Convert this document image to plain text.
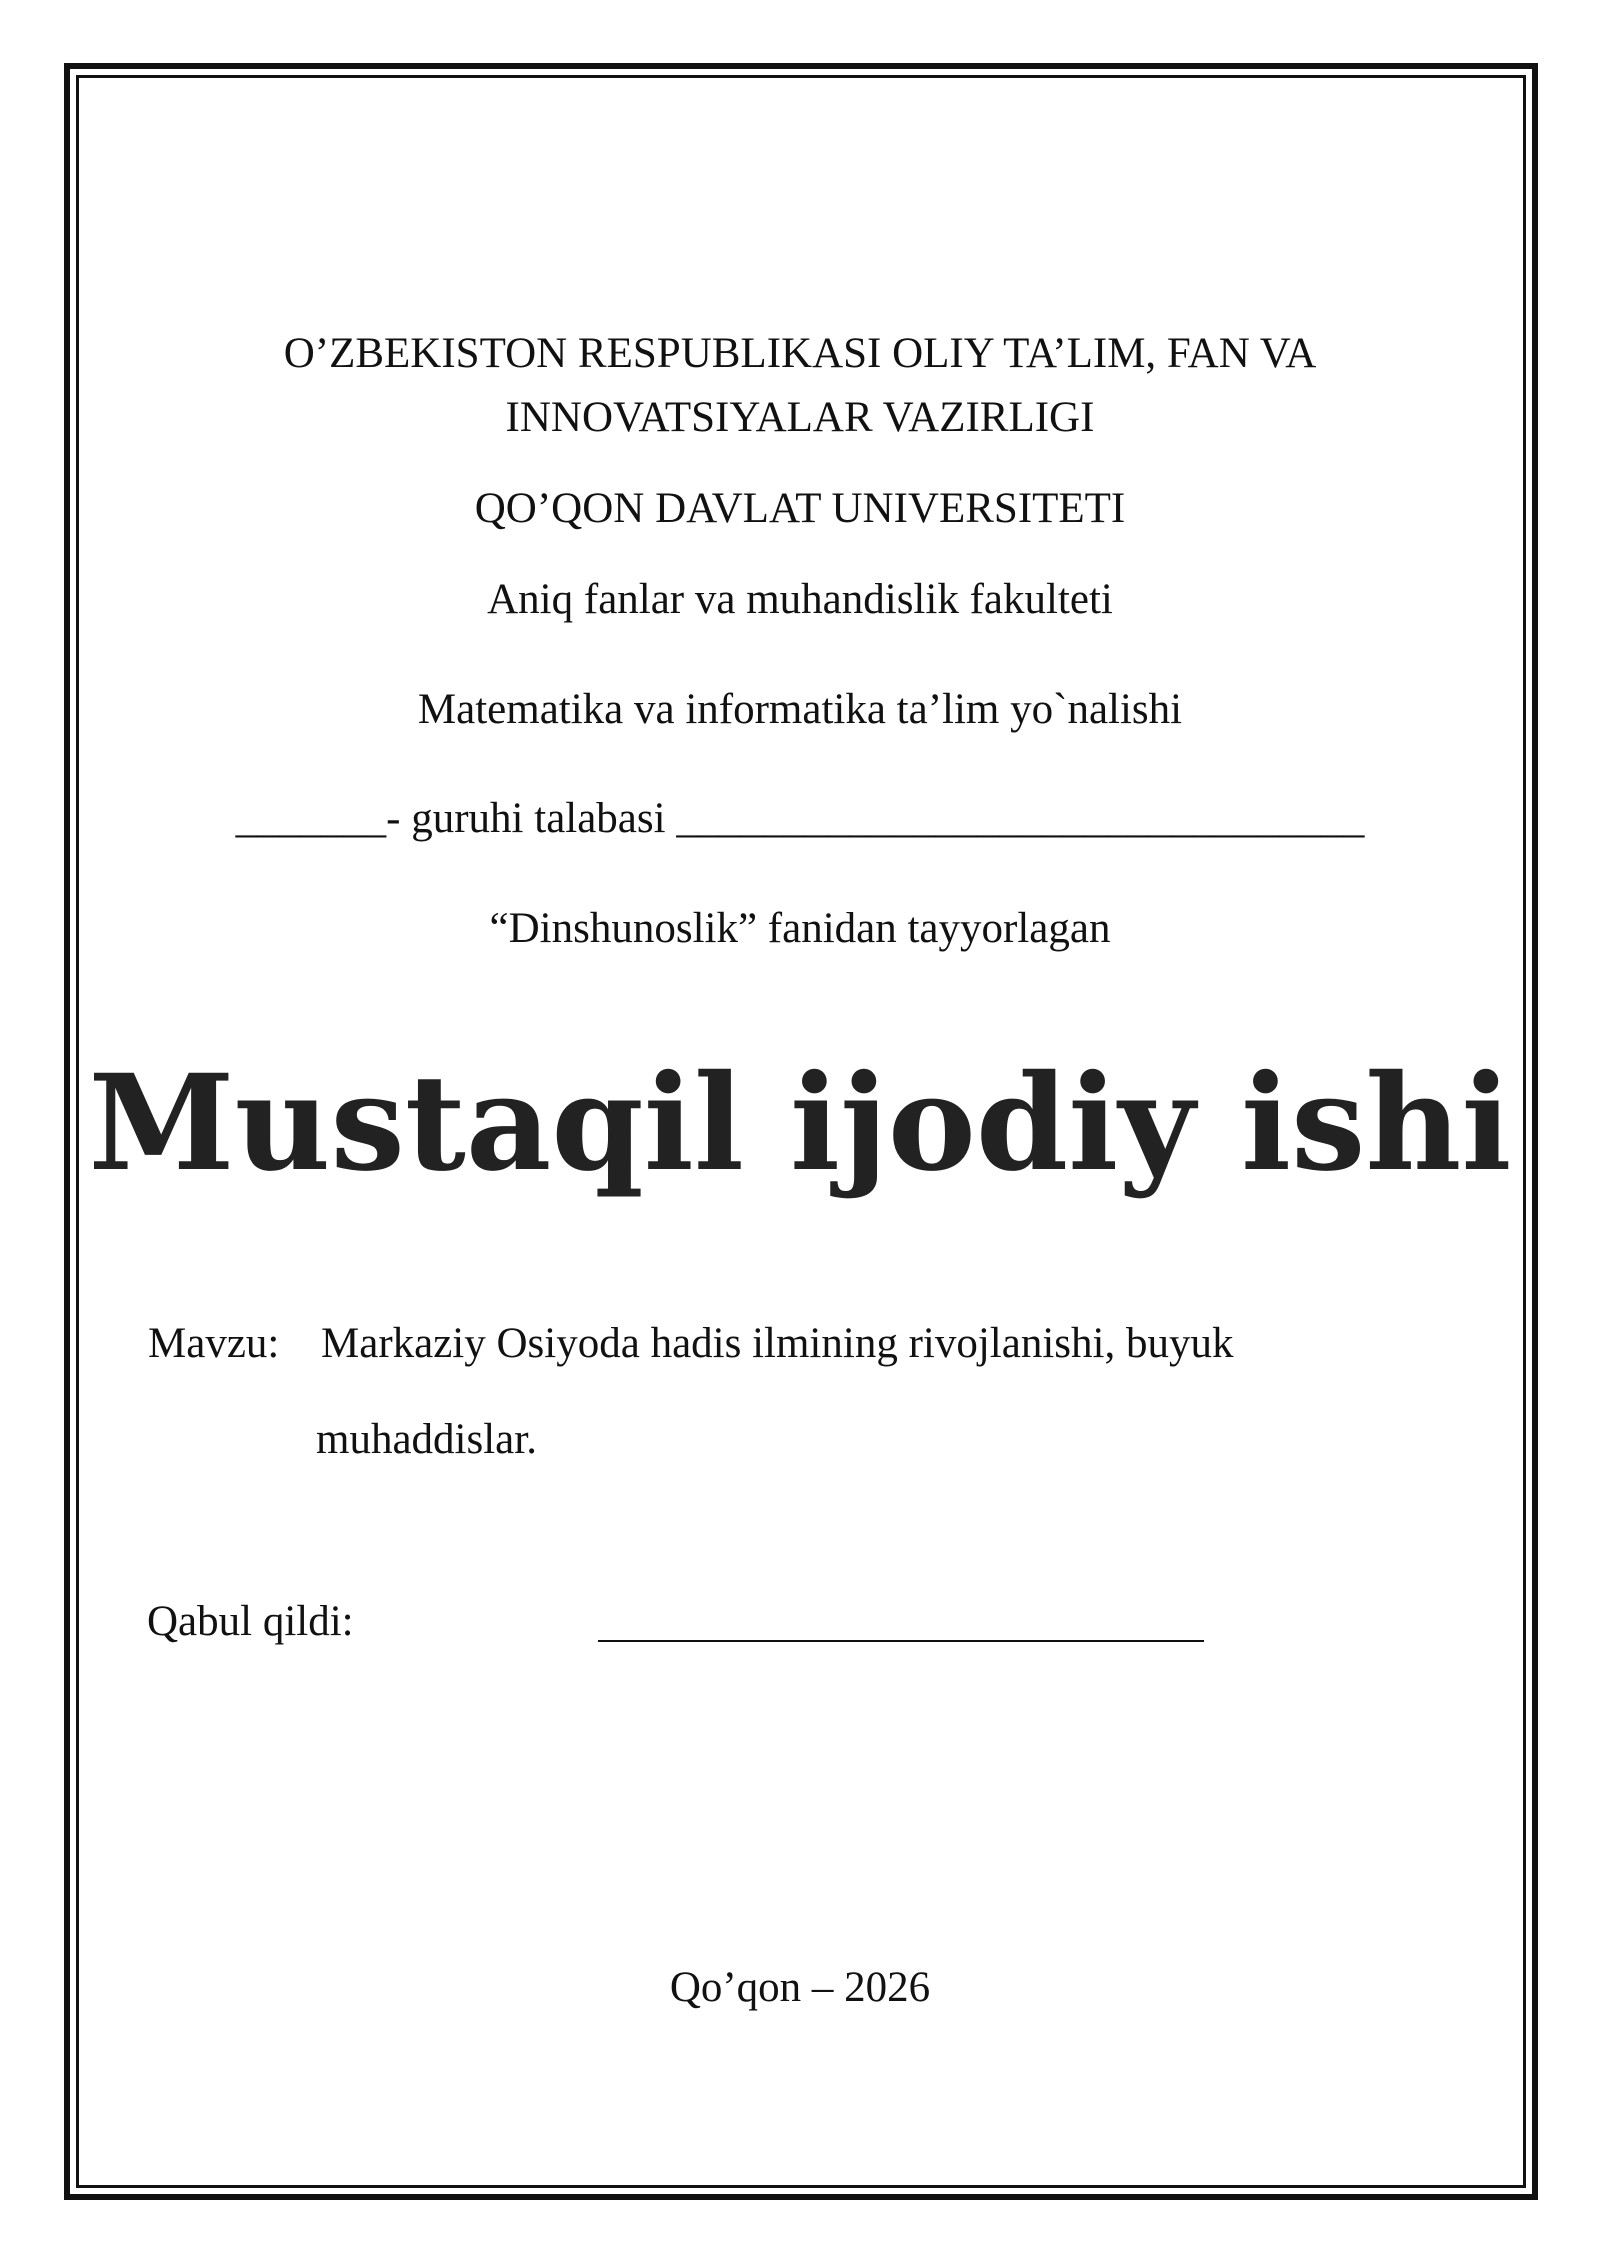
O’ZBEKISTON RESPUBLIKASI OLIY TA’LIM, FAN VA
INNOVATSIYALAR VAZIRLIGI
QO’QON DAVLAT UNIVERSITETI
Aniq fanlar va muhandislik fakulteti
Matematika va informatika ta’lim yo`nalishi
_______- guruhi talabasi ________________________________
“Dinshunoslik” fanidan tayyorlagan
Mustaqil ijodiy ishi
Mavzu: Markaziy Osiyoda hadis ilmining rivojlanishi, buyuk
muhaddislar.
Qabul qildi:
Qo’qon – 2026
